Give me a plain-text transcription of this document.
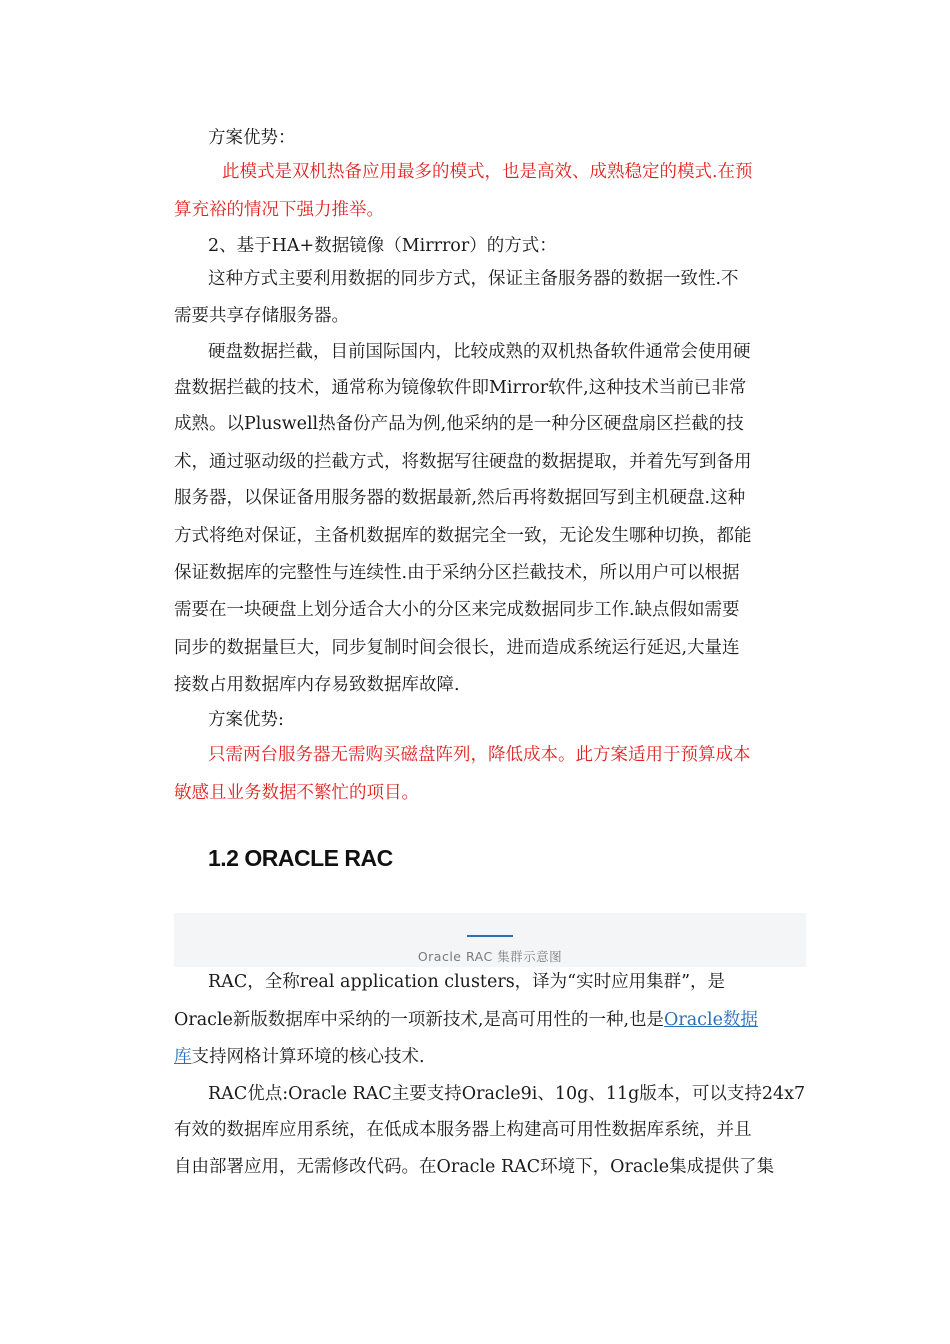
方案优势：
此模式是双机热备应用最多的模式，也是高效、成熟稳定的模式.在预
算充裕的情况下强力推举。
2、基于HA+数据镜像（Mirrror）的方式：
这种方式主要利用数据的同步方式，保证主备服务器的数据一致性.不
需要共享存储服务器。
硬盘数据拦截，目前国际国内，比较成熟的双机热备软件通常会使用硬
盘数据拦截的技术，通常称为镜像软件即Mirror软件,这种技术当前已非常
成熟。以Pluswell热备份产品为例,他采纳的是一种分区硬盘扇区拦截的技
术，通过驱动级的拦截方式，将数据写往硬盘的数据提取，并着先写到备用
服务器，以保证备用服务器的数据最新,然后再将数据回写到主机硬盘.这种
方式将绝对保证，主备机数据库的数据完全一致，无论发生哪种切换，都能
保证数据库的完整性与连续性.由于采纳分区拦截技术，所以用户可以根据
需要在一块硬盘上划分适合大小的分区来完成数据同步工作.缺点假如需要
同步的数据量巨大，同步复制时间会很长，进而造成系统运行延迟,大量连
接数占用数据库内存易致数据库故障.
方案优势:
只需两台服务器无需购买磁盘阵列，降低成本。此方案适用于预算成本
敏感且业务数据不繁忙的项目。
1.2 ORACLE RAC
Oracle RAC 集群示意图
RAC，全称real application clusters，译为“实时应用集群”，是
Oracle新版数据库中采纳的一项新技术,是高可用性的一种,也是Oracle数据
库支持网格计算环境的核心技术.
RAC优点:Oracle RAC主要支持Oracle9i、10g、11g版本，可以支持24x7
有效的数据库应用系统，在低成本服务器上构建高可用性数据库系统，并且
自由部署应用，无需修改代码。在Oracle RAC环境下，Oracle集成提供了集
